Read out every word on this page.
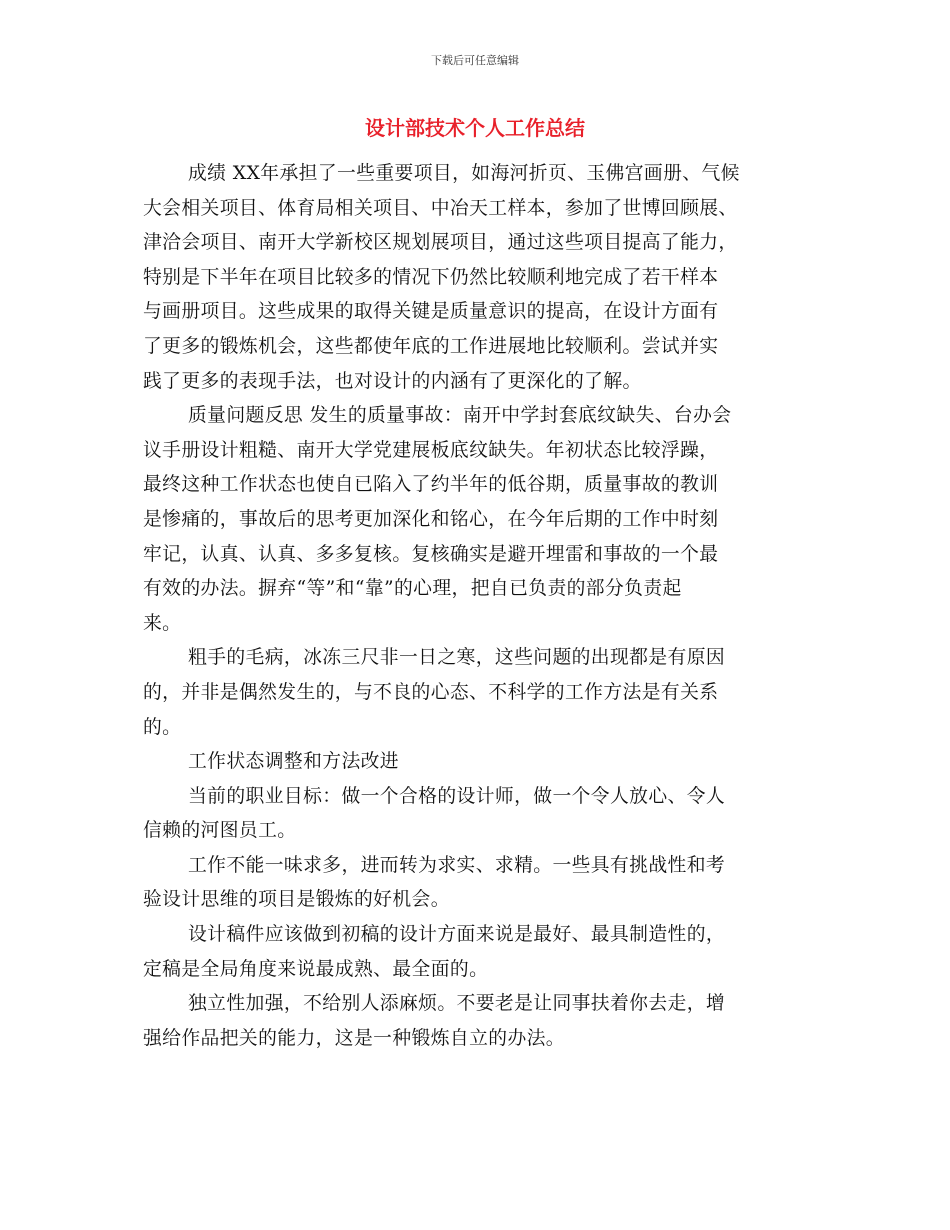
下载后可任意编辑
设计部技术个人工作总结
成绩 XX年承担了一些重要项目，如海河折页、玉佛宫画册、气候
大会相关项目、体育局相关项目、中冶天工样本，参加了世博回顾展、
津洽会项目、南开大学新校区规划展项目，通过这些项目提高了能力，
特别是下半年在项目比较多的情况下仍然比较顺利地完成了若干样本
与画册项目。这些成果的取得关键是质量意识的提高，在设计方面有
了更多的锻炼机会，这些都使年底的工作进展地比较顺利。尝试并实
践了更多的表现手法，也对设计的内涵有了更深化的了解。
质量问题反思 发生的质量事故：南开中学封套底纹缺失、台办会
议手册设计粗糙、南开大学党建展板底纹缺失。年初状态比较浮躁，
最终这种工作状态也使自已陷入了约半年的低谷期，质量事故的教训
是惨痛的，事故后的思考更加深化和铭心，在今年后期的工作中时刻
牢记，认真、认真、多多复核。复核确实是避开埋雷和事故的一个最
有效的办法。摒弃“等”和“靠”的心理，把自已负责的部分负责起
来。
粗手的毛病，冰冻三尺非一日之寒，这些问题的出现都是有原因
的，并非是偶然发生的，与不良的心态、不科学的工作方法是有关系
的。
工作状态调整和方法改进
当前的职业目标：做一个合格的设计师，做一个令人放心、令人
信赖的河图员工。
工作不能一味求多，进而转为求实、求精。一些具有挑战性和考
验设计思维的项目是锻炼的好机会。
设计稿件应该做到初稿的设计方面来说是最好、最具制造性的，
定稿是全局角度来说最成熟、最全面的。
独立性加强，不给别人添麻烦。不要老是让同事扶着你去走，增
强给作品把关的能力，这是一种锻炼自立的办法。
